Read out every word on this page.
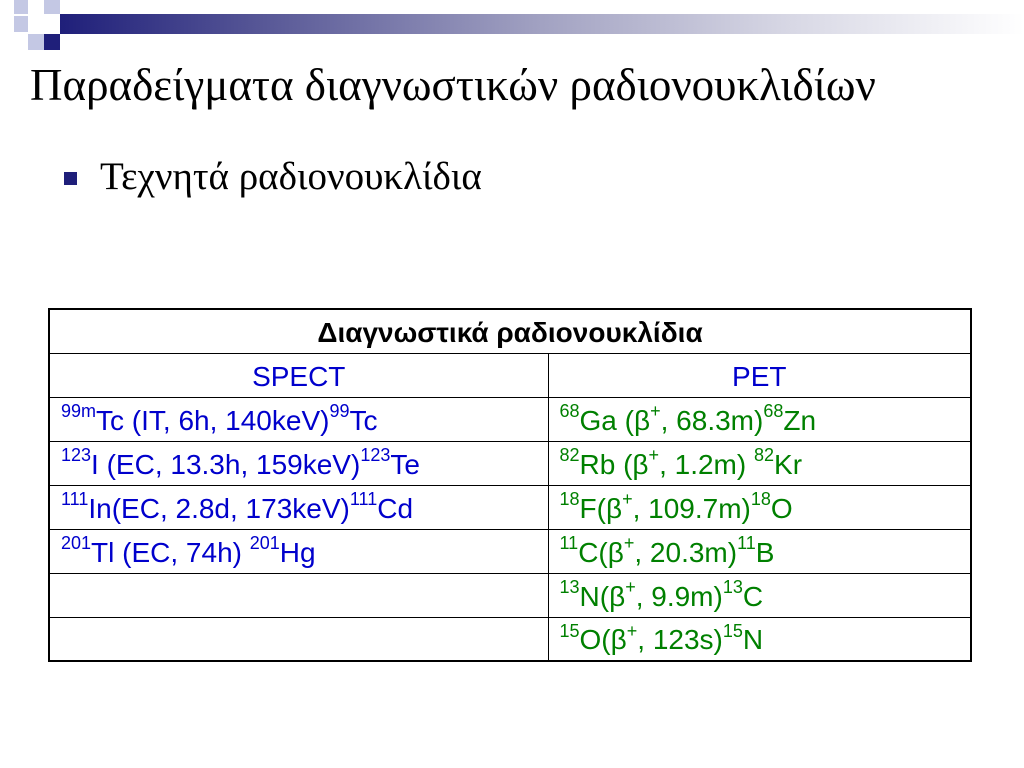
Παραδείγματα διαγνωστικών ραδιονουκλιδίων
Τεχνητά ραδιονουκλίδια
Διαγνωστικά ραδιονουκλίδια	
SPECT	PET
$^{99m}$Tc (IT, 6h, 140keV)$^{99}$Tc	$^{68}$Ga (β+, 68.3m)$^{68}$Zn
$^{123}$I (EC, 13.3h, 159keV)$^{123}$Te	$^{82}$Rb (β+, 1.2m) $^{82}$Kr
$^{111}$In(EC, 2.8d, 173keV)$^{111}$Cd	$^{18}$F(β+, 109.7m)$^{18}$O
$^{201}$Tl (EC, 74h) $^{201}$Hg	$^{11}$C(β+, 20.3m)$^{11}$B
	$^{13}$N(β+, 9.9m)$^{13}$C
	$^{15}$O(β+, 123s)$^{15}$N
